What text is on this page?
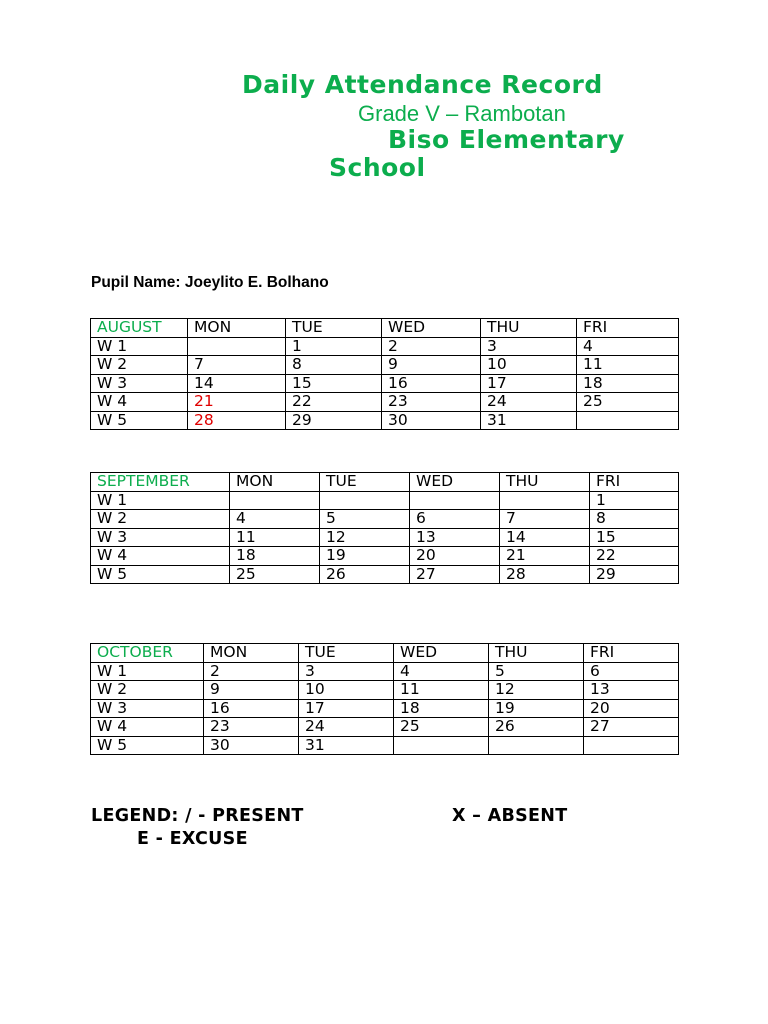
Daily Attendance Record
Grade V – Rambotan
Biso Elementary
School
Pupil Name: Joeylito E. Bolhano
AUGUST	MON	TUE	WED	THU	FRI
W 1		1	2	3	4
W 2	7	8	9	10	11
W 3	14	15	16	17	18
W 4	21	22	23	24	25
W 5	28	29	30	31	
SEPTEMBER	MON	TUE	WED	THU	FRI
W 1					1
W 2	4	5	6	7	8
W 3	11	12	13	14	15
W 4	18	19	20	21	22
W 5	25	26	27	28	29
OCTOBER	MON	TUE	WED	THU	FRI
W 1	2	3	4	5	6
W 2	9	10	11	12	13
W 3	16	17	18	19	20
W 4	23	24	25	26	27
W 5	30	31			
LEGEND: / - PRESENT	X – ABSENT
E - EXCUSE
